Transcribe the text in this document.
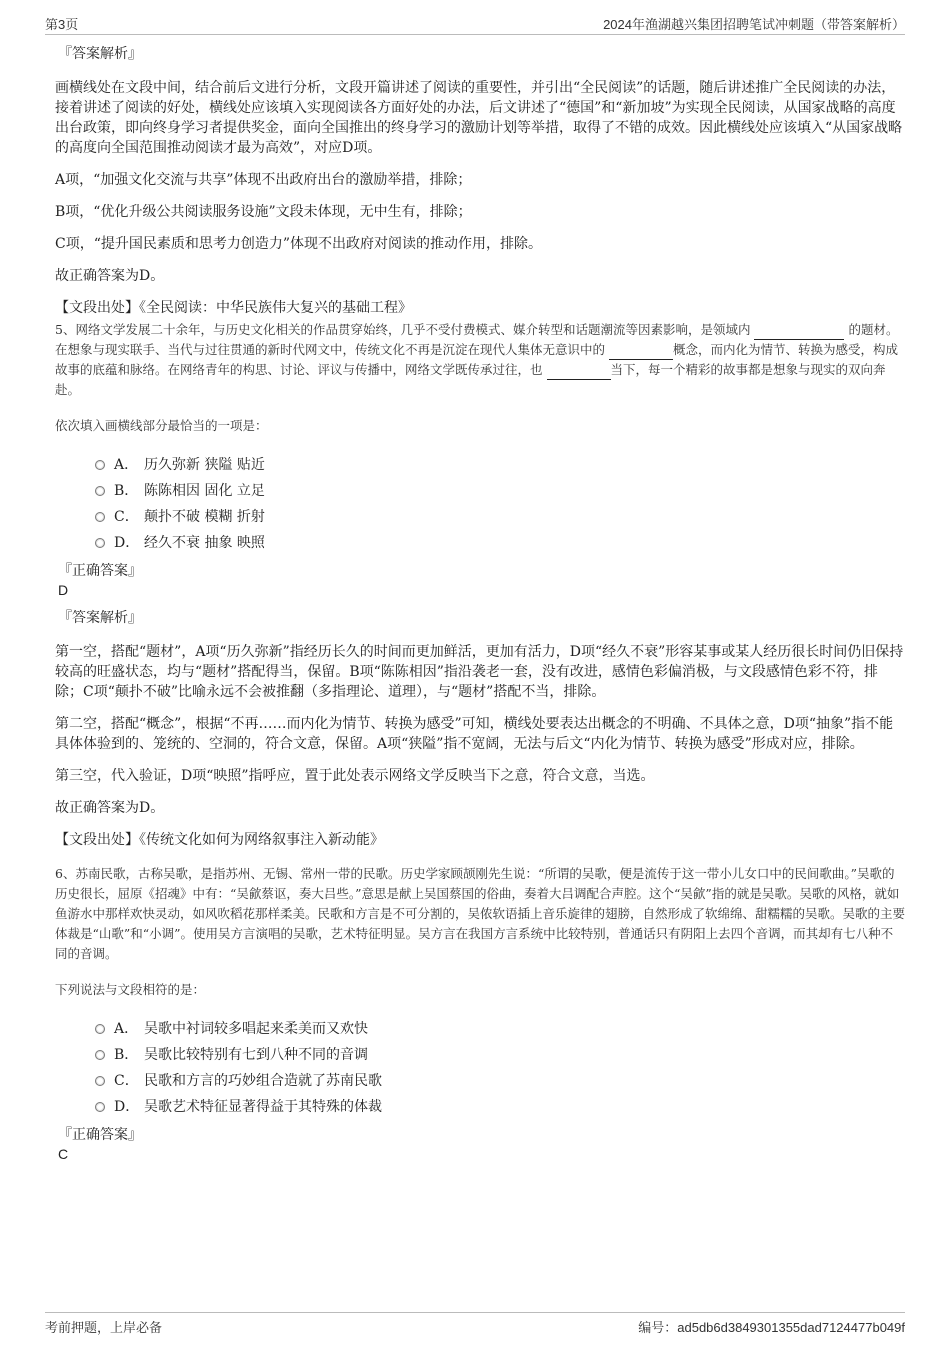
第3页	2024年渔湖越兴集团招聘笔试冲刺题（带答案解析）
『答案解析』

画横线处在文段中间，结合前后文进行分析，文段开篇讲述了阅读的重要性，并引出“全民阅读”的话题，随后讲述推广全民阅读的办法，接着讲述了阅读的好处，横线处应该填入实现阅读各方面好处的办法，后文讲述了“德国”和“新加坡”为实现全民阅读，从国家战略的高度出台政策，即向终身学习者提供奖金，面向全国推出的终身学习的激励计划等举措，取得了不错的成效。因此横线处应该填入“从国家战略的高度向全国范围推动阅读才最为高效”，对应D项。

A项，“加强文化交流与共享”体现不出政府出台的激励举措，排除；

B项，“优化升级公共阅读服务设施”文段未体现，无中生有，排除；

C项，“提升国民素质和思考力创造力”体现不出政府对阅读的推动作用，排除。

故正确答案为D。

【文段出处】《全民阅读：中华民族伟大复兴的基础工程》

5、网络文学发展二十余年，与历史文化相关的作品贯穿始终，几乎不受付费模式、媒介转型和话题潮流等因素影响，是领域内	的题材。在想象与现实联手、当代与过往贯通的新时代网文中，传统文化不再是沉淀在现代人集体无意识中的	概念，而内化为情节、转换为感受，构成故事的底蕴和脉络。在网络青年的构思、讨论、评议与传播中，网络文学既传承过往，也	当下，每一个精彩的故事都是想象与现实的双向奔赴。

依次填入画横线部分最恰当的一项是：

A． 历久弥新 狭隘 贴近
B． 陈陈相因 固化 立足
C． 颠扑不破 模糊 折射
D． 经久不衰 抽象 映照
『正确答案』
D
『答案解析』

第一空，搭配“题材”，A项“历久弥新”指经历长久的时间而更加鲜活，更加有活力，D项“经久不衰”形容某事或某人经历很长时间仍旧保持较高的旺盛状态，均与“题材”搭配得当，保留。B项“陈陈相因”指沿袭老一套，没有改进，感情色彩偏消极，与文段感情色彩不符，排除；C项“颠扑不破”比喻永远不会被推翻（多指理论、道理），与“题材”搭配不当，排除。

第二空，搭配“概念”，根据“不再……而内化为情节、转换为感受”可知，横线处要表达出概念的不明确、不具体之意，D项“抽象”指不能具体体验到的、笼统的、空洞的，符合文意，保留。A项“狭隘”指不宽阔，无法与后文“内化为情节、转换为感受”形成对应，排除。

第三空，代入验证，D项“映照”指呼应，置于此处表示网络文学反映当下之意，符合文意，当选。

故正确答案为D。

【文段出处】《传统文化如何为网络叙事注入新动能》

6、苏南民歌，古称吴歌，是指苏州、无锡、常州一带的民歌。历史学家顾颉刚先生说：“所谓的吴歌，便是流传于这一带小儿女口中的民间歌曲。”吴歌的历史很长，屈原《招魂》中有：“吴歈蔡讴，奏大吕些。”意思是献上吴国蔡国的俗曲，奏着大吕调配合声腔。这个“吴歈”指的就是吴歌。吴歌的风格，就如鱼游水中那样欢快灵动，如风吹稻花那样柔美。民歌和方言是不可分割的，吴侬软语插上音乐旋律的翅膀，自然形成了软绵绵、甜糯糯的吴歌。吴歌的主要体裁是“山歌”和“小调”。使用吴方言演唱的吴歌，艺术特征明显。吴方言在我国方言系统中比较特别，普通话只有阴阳上去四个音调，而其却有七八种不同的音调。

下列说法与文段相符的是：

A． 吴歌中衬词较多唱起来柔美而又欢快
B． 吴歌比较特别有七到八种不同的音调
C． 民歌和方言的巧妙组合造就了苏南民歌
D． 吴歌艺术特征显著得益于其特殊的体裁
『正确答案』
C
考前押题，上岸必备	编号：ad5db6d3849301355dad7124477b049f
